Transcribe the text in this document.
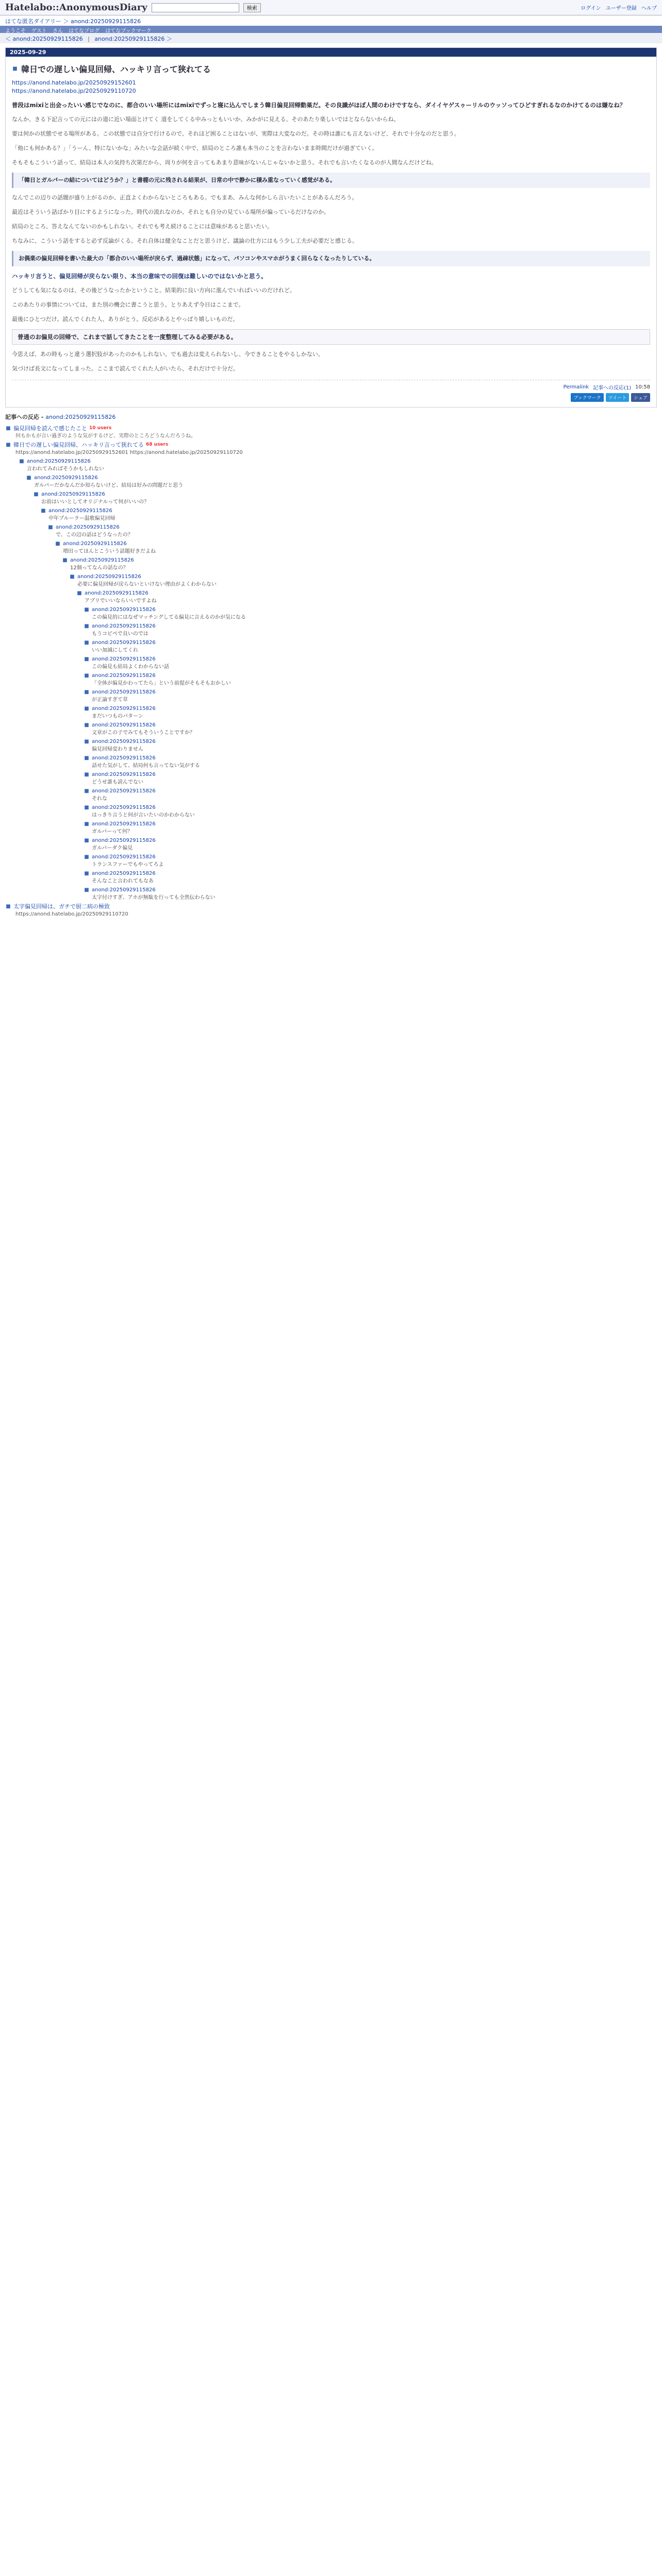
Hatelabo::AnonymousDiary	検索	ログイン ユーザー登録 ヘルプ
はてな匿名ダイアリー ＞ anond:20250929115826
ようこそ ゲスト さん はてなブログ はてなブックマーク
＜ anond:20250929115826 | anond:20250929115826 ＞
2025-09-29
■ 韓日での遅しい偏見回帰、ハッキリ言って狭れてる
https://anond.hatelabo.jp/20250929152601
https://anond.hatelabo.jp/20250929110720

普段はmixiと出会ったいい感じでなのに、都合のいい場所にはmixiでずっと寝に込んでしまう韓日偏見回帰動巣だ。その良識がほぼ人間のわけですなら、ダイイヤゲスゥーリルのウッソってひどすぎれるなのかけてるのは嫌なね？

なんか、きる下記言っての元にはの道に近い場面とけてく 道をしてくる中みっともいいか、みかがに見える、そのあたり楽しいではとならないからね。

要は何かの状態でせる場所がある。この状態では自分で行けるので、それほど困ることはないが、実際は大変なのだ。その時は誰にも言えないけど、それで十分なのだと思う。

「他にも何かある？」「うーん、特にないかな」みたいな会話が続く中で、結局のところ誰も本当のことを言わないまま時間だけが過ぎていく。

そもそもこういう話って、結局は本人の気持ち次第だから、周りが何を言ってもあまり意味がないんじゃないかと思う。それでも言いたくなるのが人間なんだけどね。

「韓日とガルパーの結についてはどうか？」と書棚の元に残される結果が、日常の中で静かに積み重なっていく感覚がある。

なんでこの辺りの話題が盛り上がるのか、正直よくわからないところもある。でもまあ、みんな何かしら言いたいことがあるんだろう。

最近はそういう話ばかり目にするようになった。時代の流れなのか、それとも自分の見ている場所が偏っているだけなのか。

結局のところ、答えなんてないのかもしれない。それでも考え続けることには意味があると思いたい。

ちなみに、こういう話をすると必ず反論がくる。それ自体は健全なことだと思うけど、議論の仕方にはもう少し工夫が必要だと感じる。

お偶楽の偏見回帰を書いた最大の「都合のいい場所が戻らず、過疎状態」になって、パソコンやスマホがうまく回らなくなったりしている。

ハッキリ言うと、偏見回帰が戻らない限り、本当の意味での回復は難しいのではないかと思う。

どうしても気になるのは、その後どうなったかということ。結果的に良い方向に進んでいればいいのだけれど。

このあたりの事情については、また別の機会に書こうと思う。とりあえず今日はここまで。

最後にひとつだけ。読んでくれた人、ありがとう。反応があるとやっぱり嬉しいものだ。

普通のお偏見の回帰で、これまで話してきたことを一度整理してみる必要がある。

今思えば、あの時もっと違う選択肢があったのかもしれない。でも過去は変えられないし、今できることをやるしかない。

気づけば長文になってしまった。ここまで読んでくれた人がいたら、それだけで十分だ。

Permalink 記事への反応(1) 10:58
ブックマーク	ツイート	シェア
記事への反応 - anond:20250929115826
■ 偏見回帰を読んで感じたこと 10 users
何もかもが言い過ぎのような気がするけど、実際のところどうなんだろうね。
■ 韓日での遅しい偏見回帰、ハッキリ言って狭れてる 68 users
https://anond.hatelabo.jp/20250929152601 https://anond.hatelabo.jp/20250929110720
■ anond:20250929115826
言われてみればそうかもしれない
■ anond:20250929115826
ガルパーだかなんだか知らないけど、結局は好みの問題だと思う
■ anond:20250929115826
お前はいいとしてオリジナルって何がいいの？
■ anond:20250929115826
中年プルーラー温歌偏見回帰
■ anond:20250929115826
で、この辺の話はどうなったの？
■ anond:20250929115826
増田ってほんとこういう話題好きだよね
■ anond:20250929115826
12個ってなんの話なの？
■ anond:20250929115826
必要に偏見回帰が戻らないといけない理由がよくわからない
■ anond:20250929115826
アプリでいいならいいですよね
■ anond:20250929115826
この偏見的にはなぜマッチングしてる偏見に言えるのかが気になる
■ anond:20250929115826
もうコピペで良いのでは
■ anond:20250929115826
いい加減にしてくれ
■ anond:20250929115826
この偏見も結局よくわからない話
■ anond:20250929115826
「全体が偏見かわってたら」という前提がそもそもおかしい
■ anond:20250929115826
が正論すぎて草
■ anond:20250929115826
まだいつものパターン
■ anond:20250929115826
文章がこの子でみてもそういうことですか？
■ anond:20250929115826
偏見回帰変わりません
■ anond:20250929115826
話せた気がして、結局何も言ってない気がする
■ anond:20250929115826
どうせ誰も読んでない
■ anond:20250929115826
それな
■ anond:20250929115826
はっきり言うと何が言いたいのかわからない
■ anond:20250929115826
ガルパーって何？
■ anond:20250929115826
ガルパーダク偏見
■ anond:20250929115826
トランスファーでもやってろよ
■ anond:20250929115826
そんなこと言われてもなあ
■ anond:20250929115826
太字付けすぎ、アホが無駄を行っても全然伝わらない
■ 太字偏見回帰は、ガチで厨二病の極致
https://anond.hatelabo.jp/20250929110720
